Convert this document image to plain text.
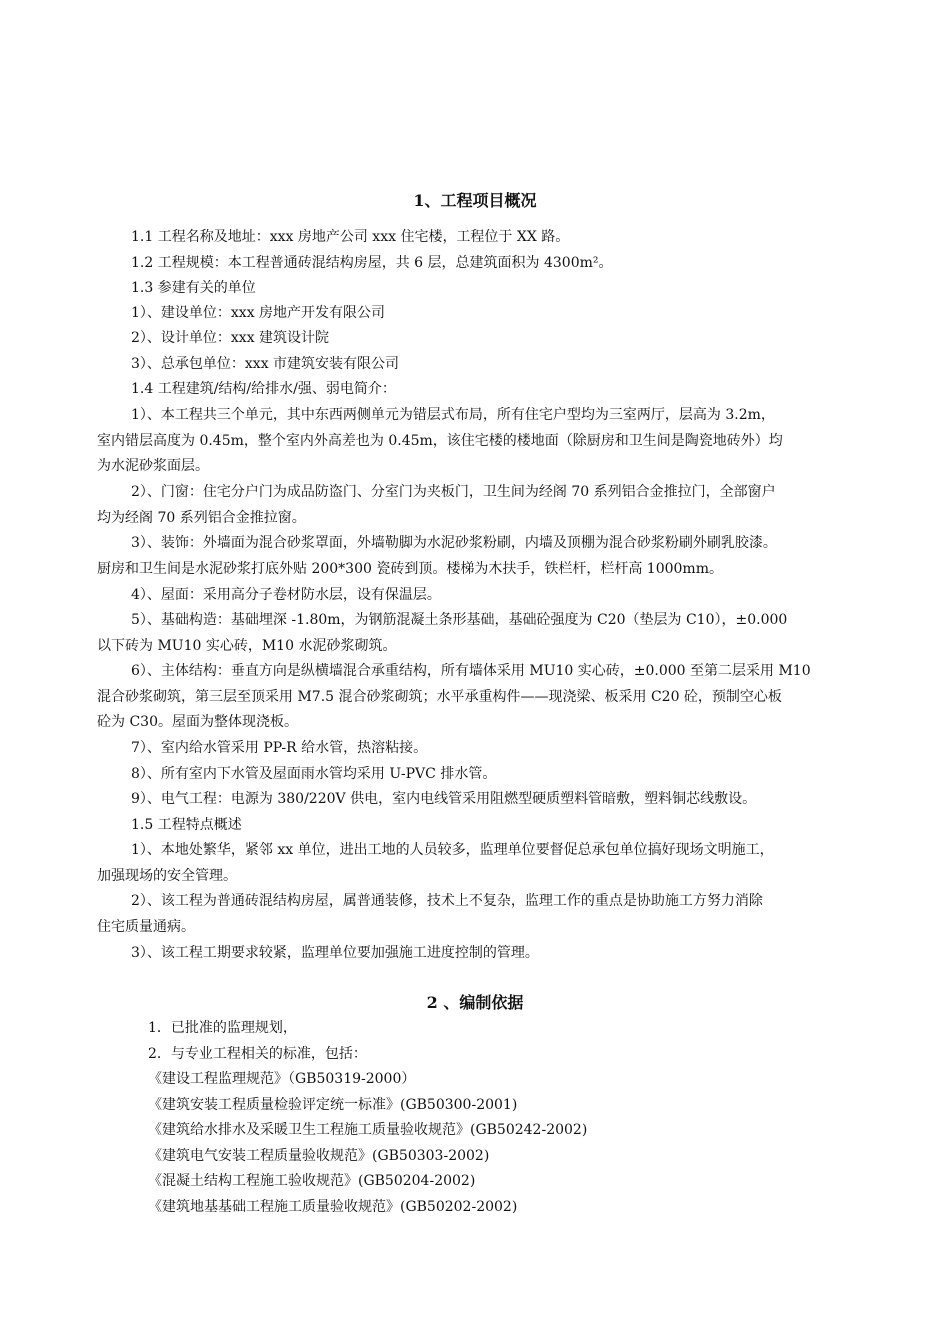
1、工程项目概况
1.1 工程名称及地址：xxx 房地产公司 xxx 住宅楼，工程位于 XX 路。
1.2 工程规模：本工程普通砖混结构房屋，共 6 层，总建筑面积为 4300m²。
1.3 参建有关的单位
1）、建设单位：xxx 房地产开发有限公司
2）、设计单位：xxx 建筑设计院
3）、总承包单位：xxx 市建筑安装有限公司
1.4 工程建筑/结构/给排水/强、弱电简介：
1）、本工程共三个单元，其中东西两侧单元为错层式布局，所有住宅户型均为三室两厅，层高为 3.2m，
室内错层高度为 0.45m，整个室内外高差也为 0.45m，该住宅楼的楼地面（除厨房和卫生间是陶瓷地砖外）均
为水泥砂浆面层。
2）、门窗：住宅分户门为成品防盗门、分室门为夹板门，卫生间为经阁 70 系列铝合金推拉门，全部窗户
均为经阁 70 系列铝合金推拉窗。
3）、装饰：外墙面为混合砂浆罩面，外墙勒脚为水泥砂浆粉刷，内墙及顶棚为混合砂浆粉刷外刷乳胶漆。
厨房和卫生间是水泥砂浆打底外贴 200*300 瓷砖到顶。楼梯为木扶手，铁栏杆，栏杆高 1000mm。
4）、屋面：采用高分子卷材防水层，设有保温层。
5）、基础构造：基础埋深 -1.80m，为钢筋混凝土条形基础，基础砼强度为 C20（垫层为 C10），±0.000
以下砖为 MU10 实心砖，M10 水泥砂浆砌筑。
6）、主体结构：垂直方向是纵横墙混合承重结构，所有墙体采用 MU10 实心砖，±0.000 至第二层采用 M10
混合砂浆砌筑，第三层至顶采用 M7.5 混合砂浆砌筑；水平承重构件——现浇梁、板采用 C20 砼，预制空心板
砼为 C30。屋面为整体现浇板。
7）、室内给水管采用 PP-R 给水管，热溶粘接。
8）、所有室内下水管及屋面雨水管均采用 U-PVC 排水管。
9）、电气工程：电源为 380/220V 供电，室内电线管采用阻燃型硬质塑料管暗敷，塑料铜芯线敷设。
1.5 工程特点概述
1）、本地处繁华，紧邻 xx 单位，进出工地的人员较多，监理单位要督促总承包单位搞好现场文明施工，
加强现场的安全管理。
2）、该工程为普通砖混结构房屋，属普通装修，技术上不复杂，监理工作的重点是协助施工方努力消除
住宅质量通病。
3）、该工程工期要求较紧，监理单位要加强施工进度控制的管理。
2 、编制依据
1．已批准的监理规划，
2．与专业工程相关的标准，包括：
《建设工程监理规范》（GB50319-2000）
《建筑安装工程质量检验评定统一标准》(GB50300-2001)
《建筑给水排水及采暖卫生工程施工质量验收规范》(GB50242-2002)
《建筑电气安装工程质量验收规范》(GB50303-2002)
《混凝土结构工程施工验收规范》(GB50204-2002)
《建筑地基基础工程施工质量验收规范》(GB50202-2002)
